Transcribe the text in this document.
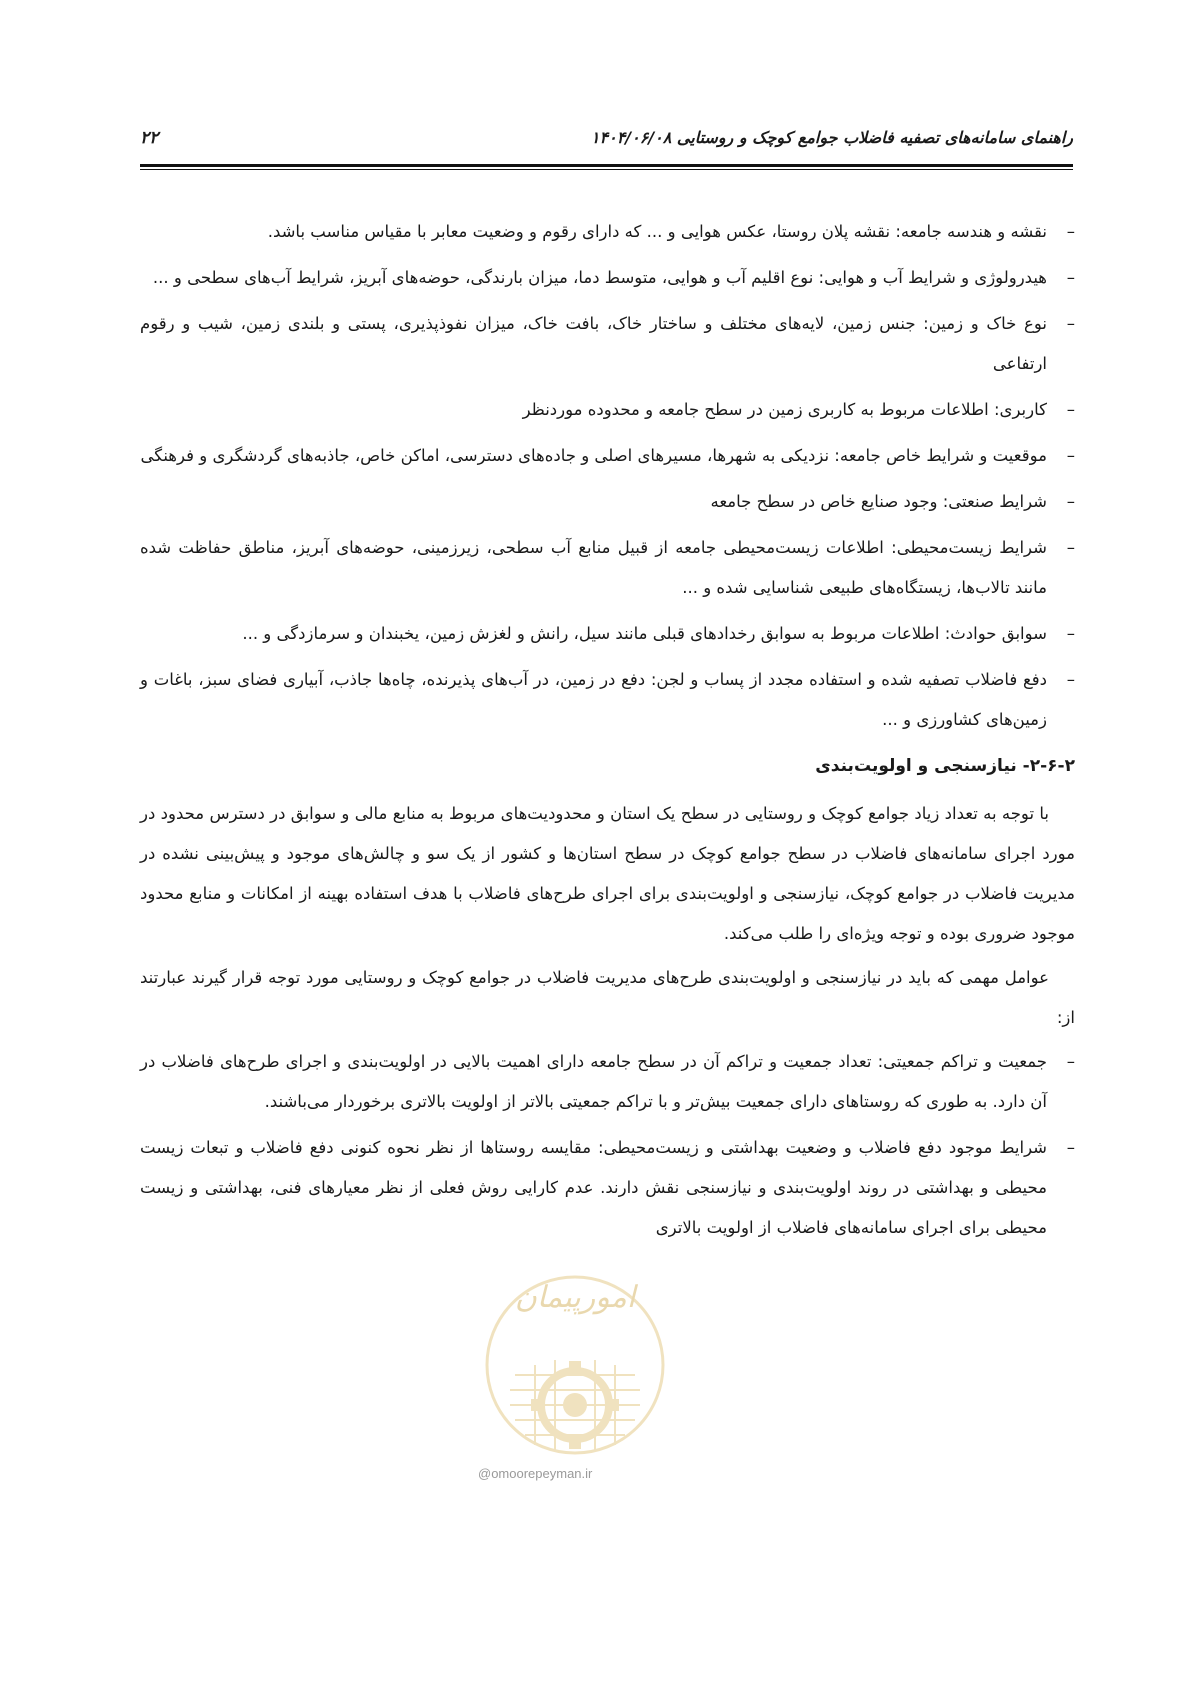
راهنمای سامانه‌های تصفیه فاضلاب جوامع کوچک و روستایی ۱۴۰۴/۰۶/۰۸
۲۲
–
نقشه و هندسه جامعه: نقشه پلان روستا، عکس هوایی و ... که دارای رقوم و وضعیت معابر با مقیاس مناسب باشد.
–
هیدرولوژی و شرایط آب و هوایی: نوع اقلیم آب و هوایی، متوسط دما، میزان بارندگی، حوضه‌های آبریز، شرایط آب‌های سطحی و ...
–
نوع خاک و زمین: جنس زمین، لایه‌های مختلف و ساختار خاک، بافت خاک، میزان نفوذپذیری، پستی و بلندی زمین، شیب و رقوم ارتفاعی
–
کاربری: اطلاعات مربوط به کاربری زمین در سطح جامعه و محدوده موردنظر
–
موقعیت و شرایط خاص جامعه: نزدیکی به شهرها، مسیرهای اصلی و جاده‌های دسترسی، اماکن خاص، جاذبه‌های گردشگری و فرهنگی
–
شرایط صنعتی: وجود صنایع خاص در سطح جامعه
–
شرایط زیست‌محیطی: اطلاعات زیست‌محیطی جامعه از قبیل منابع آب سطحی، زیرزمینی، حوضه‌های آبریز، مناطق حفاظت شده مانند تالاب‌ها، زیستگاه‌های طبیعی شناسایی شده و ...
–
سوابق حوادث: اطلاعات مربوط به سوابق رخدادهای قبلی مانند سیل، رانش و لغزش زمین، یخبندان و سرمازدگی و ...
–
دفع فاضلاب تصفیه شده و استفاده مجدد از پساب و لجن: دفع در زمین، در آب‌های پذیرنده، چاه‌ها جاذب، آبیاری فضای سبز، باغات و زمین‌های کشاورزی و ...
۲-۶-۲- نیازسنجی و اولویت‌بندی

با توجه به تعداد زیاد جوامع کوچک و روستایی در سطح یک استان و محدودیت‌های مربوط به منابع مالی و سوابق در دسترس محدود در مورد اجرای سامانه‌های فاضلاب در سطح جوامع کوچک در سطح استان‌ها و کشور از یک سو و چالش‌های موجود و پیش‌بینی نشده در مدیریت فاضلاب در جوامع کوچک، نیازسنجی و اولویت‌بندی برای اجرای طرح‌های فاضلاب با هدف استفاده بهینه از امکانات و منابع محدود موجود ضروری بوده و توجه ویژه‌ای را طلب می‌کند.

عوامل مهمی که باید در نیازسنجی و اولویت‌بندی طرح‌های مدیریت فاضلاب در جوامع کوچک و روستایی مورد توجه قرار گیرند عبارتند از:

–
جمعیت و تراکم جمعیتی: تعداد جمعیت و تراکم آن در سطح جامعه دارای اهمیت بالایی در اولویت‌بندی و اجرای طرح‌های فاضلاب در آن دارد. به طوری که روستاهای دارای جمعیت بیش‌تر و با تراکم جمعیتی بالاتر از اولویت بالاتری برخوردار می‌باشند.
–
شرایط موجود دفع فاضلاب و وضعیت بهداشتی و زیست‌محیطی: مقایسه روستاها از نظر نحوه کنونی دفع فاضلاب و تبعات زیست محیطی و بهداشتی در روند اولویت‌بندی و نیازسنجی نقش دارند. عدم کارایی روش فعلی از نظر معیارهای فنی، بهداشتی و زیست محیطی برای اجرای سامانه‌های فاضلاب از اولویت بالاتری
امورپیمان
@omoorepeyman.ir
